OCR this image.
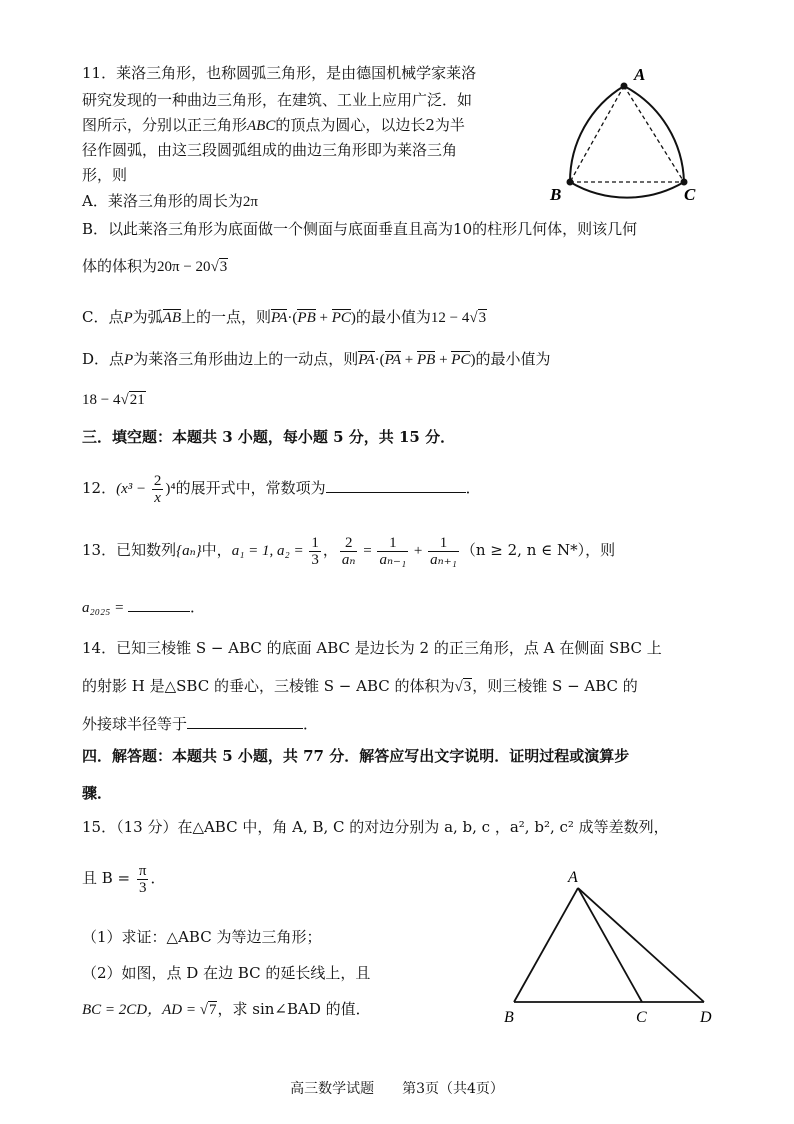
11．莱洛三角形，也称圆弧三角形，是由德国机械学家莱洛
研究发现的一种曲边三角形，在建筑、工业上应用广泛．如
图所示，分别以正三角形ABC的顶点为圆心，以边长2为半
径作圆弧，由这三段圆弧组成的曲边三角形即为莱洛三角
形，则
A．莱洛三角形的周长为2π
B．以此莱洛三角形为底面做一个侧面与底面垂直且高为10的柱形几何体，则该几何
体的体积为20π − 20√3
C．点P为弧AB上的一点，则PA·(PB + PC)的最小值为12 − 4√3
D．点P为莱洛三角形曲边上的一动点，则PA·(PA + PB + PC)的最小值为
18 − 4√21
A
B	C
三．填空题：本题共 3 小题，每小题 5 分，共 15 分．
12．$(x^3 - \frac{2}{x} )^4$的展开式中，常数项为	．
13．已知数列{aₙ}中，a₁ = 1, $a_2 = \frac{1}{3}$ ， $\frac{2}{\text{aₙ}} = \frac{1}{\text{aₙ₋₁}} + \frac{1}{\text{aₙ₊₁}} (n \ge 2$, n ∈ N*），则
a₂₀₂₅ =	．
14．已知三棱锥 S − ABC 的底面 ABC 是边长为 2 的正三角形，点 A 在侧面 SBC 上
的射影 H 是△SBC 的垂心，三棱锥 S − ABC 的体积为√3，则三棱锥 S − ABC 的
外接球半径等于	．
四．解答题：本题共 5 小题，共 77 分．解答应写出文字说明．证明过程或演算步
骤．
15．（13 分）在△ABC 中，角 A, B, C 的对边分别为 a, b, c ，a², b², c² 成等差数列，
且 $B = \frac{\pi}{3}$ ．
（1）求证：△ABC 为等边三角形；
（2）如图，点 D 在边 BC 的延长线上，且
BC = 2CD，AD = √7，求 sin∠BAD 的值．
A
B	C	D
高三数学试题　　第3页（共4页）
